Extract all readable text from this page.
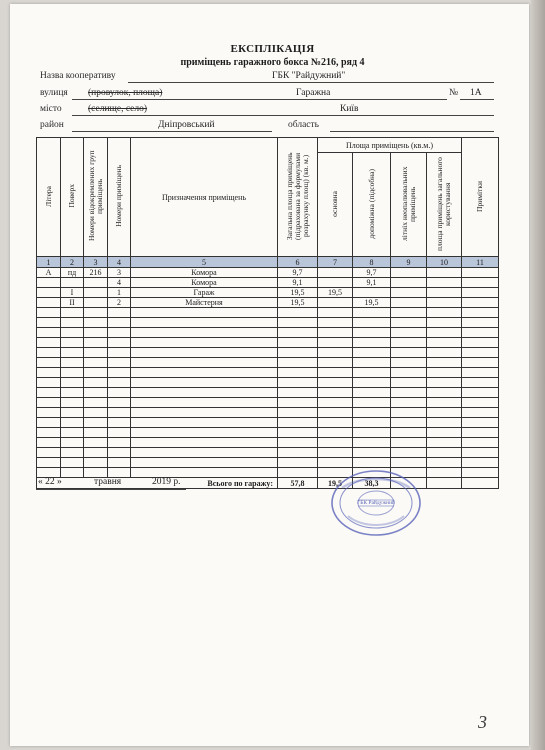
ЕКСПЛІКАЦІЯ
приміщень гаражного бокса №216, ряд 4
Назва кооперативу	ГБК "Райдужний"
вулиця (провулок, площа)	Гаражна	№ 1А
місто	(селище, село)	Київ
район	Дніпровський	область
Літера	Поверх	Номери відокремлених груп приміщень	Номери приміщень	Призначення приміщень	Загальна площа приміщень (підрахована за формулами розрахунку площ) (кв. м.)	Площа приміщень (кв.м.)				Примітки
						основна	допоміжна (підсобна)	літніх неопалювальних приміщень	площа приміщень загального користування	
1	2	3	4	5	6	7	8	9	10	11
А	пд	216	3	Комора	9,7		9,7			
			4	Комора	9,1		9,1			
	І		1	Гараж	19,5	19,5				
	ІІ		2	Майстерня	19,5		19,5			

Всього по гаражу:					57,8	19,5	38,3			
« 22 »	травня	2019 р.
ГБК Райдужний
3
